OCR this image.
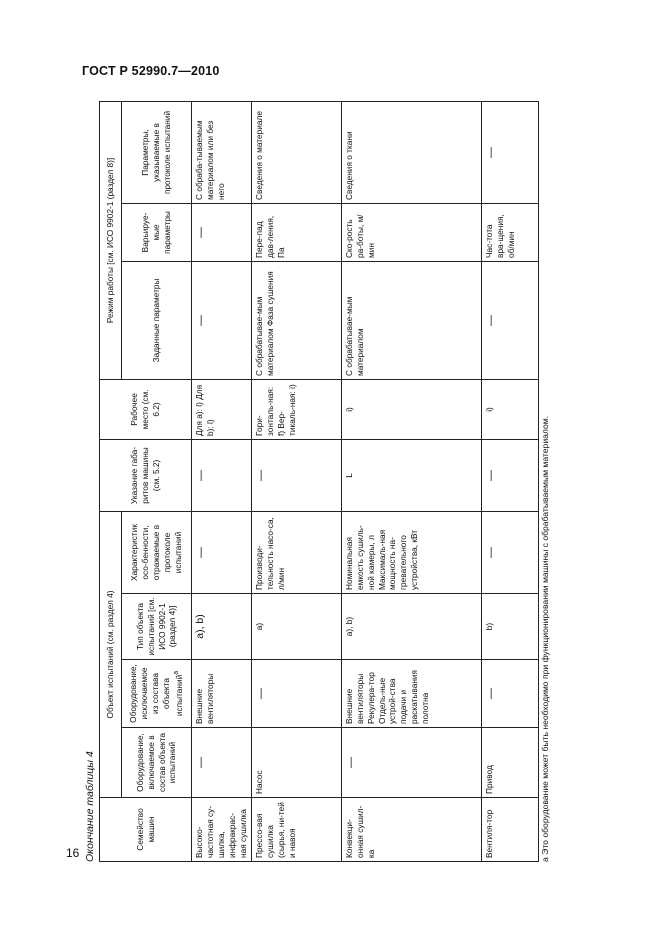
ГОСТ Р 52990.7—2010
Окончание таблицы 4	Семейство машин	Объект испытаний (см. раздел 4)				Указание габа-ритов машины (см. 5.2)	Рабочее место (см. 6.2)	Режим работы [см. ИСО 9902-1 (раздел 8)]		
	Оборудование, включаемое в состав объекта испытаний	Оборудование, исключаемое из состава объекта испытаний$^a$	Тип объекта испытаний [см. ИСО 9902-1 (раздел 4)]	Характеристик осо-бенности, отражаемые в протоколе испытаний			Заданные параметры	Варьируе-мые параметры	Параметры, указываемые в протоколе испытаний
Высоко-частотная су-шилка, инфракрас-ная сушилка	—	Внешние вентиляторы	a), b)	—	—	Для a): l) Для b): l)	—	—	С обраба-тываемым материалом или без него
Прессо-вая сушилка (сырья, ни-тей и навоя	Насос	—	a)	Производи-тельность насо-са, л/мин	—	Гори-зонталь-ная: f) Вер-тикаль-ная: i)	С обрабатывае-мым материалом Фаза сушения	Пере-пад дав-ления, Па	Сведения о материале
Конвекци-онная сушил-ка	—	Внешние вентиляторы Рекулера-тор Отдель-ные устрой-ства подачи и раскатывания полотна	a), b)	Номинальная емкость сушиль-ной камеры, л Максималь-ная мощность на-гревательного устройства, кВт	L	i)	С обрабатывае-мым материалом	Ско-рость ра-боты, м/мин	Сведения о ткани
Вентиля-тор	Привод	—	b)	—	—	i)	—	Час-тота вра-щения, об/мин	—
a Это оборудование может быть необходимо при функционировании машины с обрабатываемым материалом.
16
